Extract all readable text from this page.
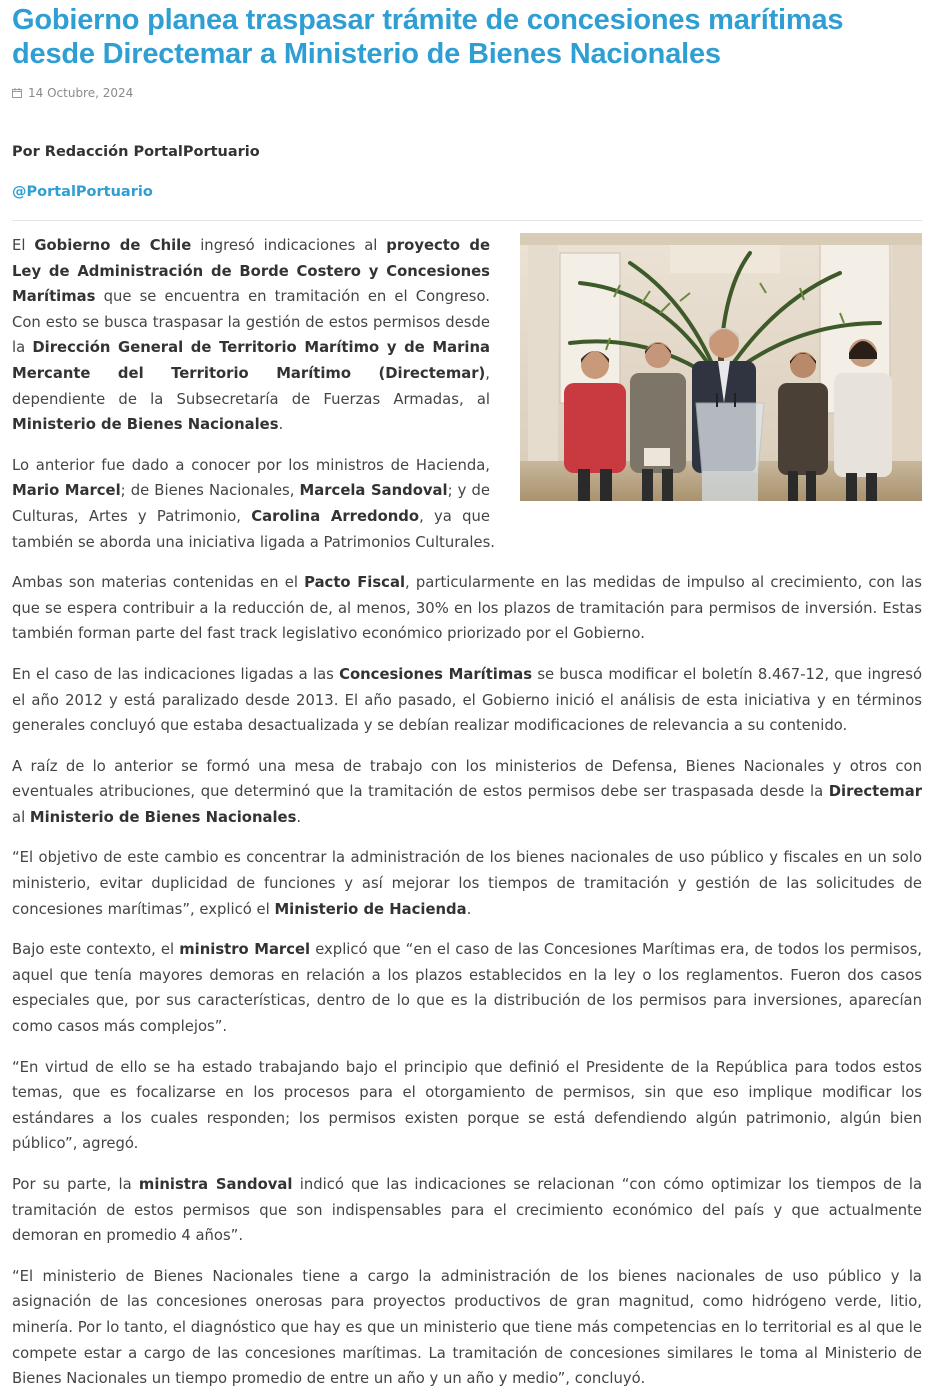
Gobierno planea traspasar trámite de concesiones marítimas desde Directemar a Ministerio de Bienes Nacionales
14 Octubre, 2024
Por Redacción PortalPortuario
@PortalPortuario

El Gobierno de Chile ingresó indicaciones al proyecto de Ley de Administración de Borde Costero y Concesiones Marítimas que se encuentra en tramitación en el Congreso. Con esto se busca traspasar la gestión de estos permisos desde la Dirección General de Territorio Marítimo y de Marina Mercante del Territorio Marítimo (Directemar), dependiente de la Subsecretaría de Fuerzas Armadas, al Ministerio de Bienes Nacionales.

Lo anterior fue dado a conocer por los ministros de Hacienda, Mario Marcel; de Bienes Nacionales, Marcela Sandoval; y de Culturas, Artes y Patrimonio, Carolina Arredondo, ya que también se aborda una iniciativa ligada a Patrimonios Culturales.

Ambas son materias contenidas en el Pacto Fiscal, particularmente en las medidas de impulso al crecimiento, con las que se espera contribuir a la reducción de, al menos, 30% en los plazos de tramitación para permisos de inversión. Estas también forman parte del fast track legislativo económico priorizado por el Gobierno.

En el caso de las indicaciones ligadas a las Concesiones Marítimas se busca modificar el boletín 8.467-12, que ingresó el año 2012 y está paralizado desde 2013. El año pasado, el Gobierno inició el análisis de esta iniciativa y en términos generales concluyó que estaba desactualizada y se debían realizar modificaciones de relevancia a su contenido.

A raíz de lo anterior se formó una mesa de trabajo con los ministerios de Defensa, Bienes Nacionales y otros con eventuales atribuciones, que determinó que la tramitación de estos permisos debe ser traspasada desde la Directemar al Ministerio de Bienes Nacionales.

“El objetivo de este cambio es concentrar la administración de los bienes nacionales de uso público y fiscales en un solo ministerio, evitar duplicidad de funciones y así mejorar los tiempos de tramitación y gestión de las solicitudes de concesiones marítimas”, explicó el Ministerio de Hacienda.

Bajo este contexto, el ministro Marcel explicó que “en el caso de las Concesiones Marítimas era, de todos los permisos, aquel que tenía mayores demoras en relación a los plazos establecidos en la ley o los reglamentos. Fueron dos casos especiales que, por sus características, dentro de lo que es la distribución de los permisos para inversiones, aparecían como casos más complejos”.

“En virtud de ello se ha estado trabajando bajo el principio que definió el Presidente de la República para todos estos temas, que es focalizarse en los procesos para el otorgamiento de permisos, sin que eso implique modificar los estándares a los cuales responden; los permisos existen porque se está defendiendo algún patrimonio, algún bien público”, agregó.

Por su parte, la ministra Sandoval indicó que las indicaciones se relacionan “con cómo optimizar los tiempos de la tramitación de estos permisos que son indispensables para el crecimiento económico del país y que actualmente demoran en promedio 4 años”.

“El ministerio de Bienes Nacionales tiene a cargo la administración de los bienes nacionales de uso público y la asignación de las concesiones onerosas para proyectos productivos de gran magnitud, como hidrógeno verde, litio, minería. Por lo tanto, el diagnóstico que hay es que un ministerio que tiene más competencias en lo territorial es al que le compete estar a cargo de las concesiones marítimas. La tramitación de concesiones similares le toma al Ministerio de Bienes Nacionales un tiempo promedio de entre un año y un año y medio”, concluyó.
